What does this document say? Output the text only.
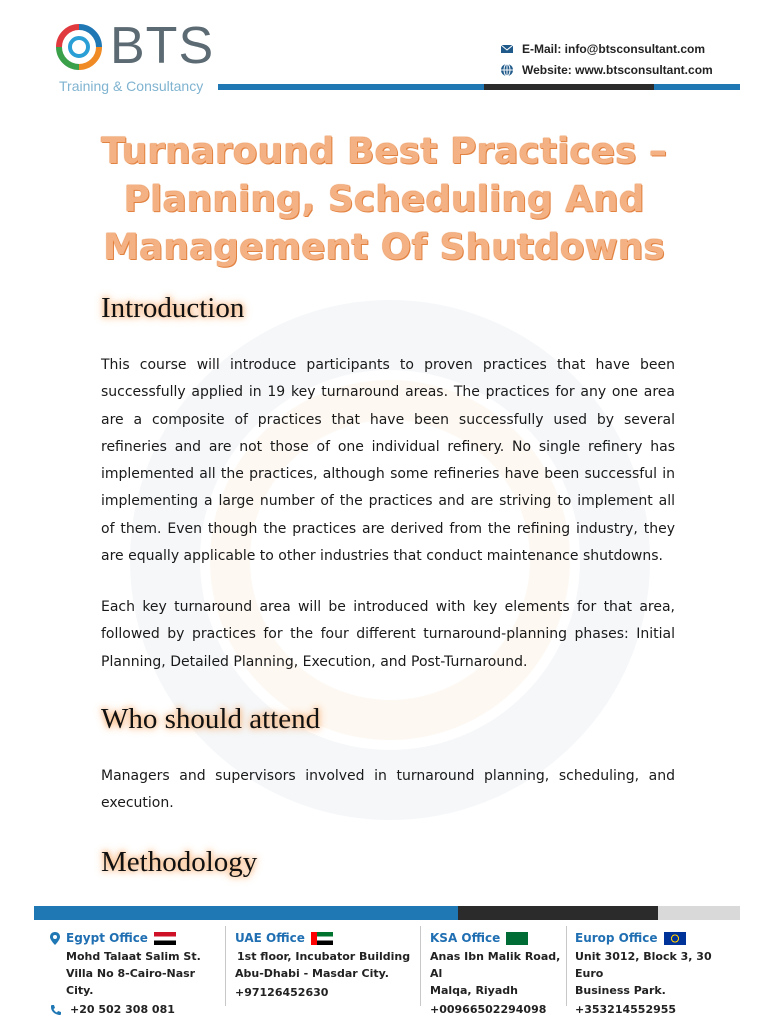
BTS
Training & Consultancy
E-Mail: info@btsconsultant.com
Website: www.btsconsultant.com
Turnaround Best Practices –
Planning, Scheduling And
Management Of Shutdowns
Introduction
This course will introduce participants to proven practices that have been successfully applied in 19 key turnaround areas. The practices for any one area are a composite of practices that have been successfully used by several refineries and are not those of one individual refinery. No single refinery has implemented all the practices, although some refineries have been successful in implementing a large number of the practices and are striving to implement all of them. Even though the practices are derived from the refining industry, they are equally applicable to other industries that conduct maintenance shutdowns.
Each key turnaround area will be introduced with key elements for that area, followed by practices for the four different turnaround-planning phases: Initial Planning, Detailed Planning, Execution, and Post-Turnaround.
Who should attend
Managers and supervisors involved in turnaround planning, scheduling, and execution.
Methodology
Egypt Office
Mohd Talaat Salim St.
Villa No 8-Cairo-Nasr City.
+20 502 308 081
UAE Office
1st floor, Incubator Building
Abu-Dhabi - Masdar City.
+97126452630
KSA Office
Anas Ibn Malik Road, Al
Malqa, Riyadh
+00966502294098
Europ Office
Unit 3012, Block 3, 30 Euro
Business Park.
+353214552955
